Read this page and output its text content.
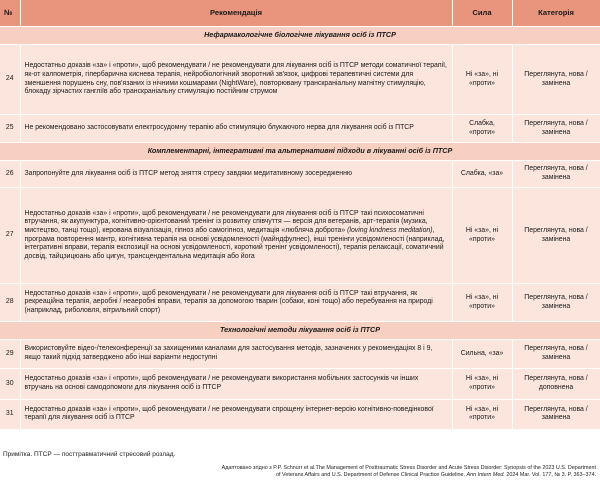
№	Рекомендація	Сила	Категорія
Нефармакологічне біологічне лікування осіб із ПТСР			
24	Недостатньо доказів «за» і «проти», щоб рекомендувати / не рекомендувати для лікування осіб із ПТСР методи соматичної терапії, як-от калпометрія, гіпербарична киснева терапія, нейробіологічний зворотний зв'язок, цифрові терапевтичні системи для зменшення порушень сну, пов'язаних із нічними кошмарами (NightWare), повторювану транскраніальну магнітну стимуляцію, блокаду зірчастих гангліїв або транскраніальну стимуляцію постійним струмом	Ні «за», ні «проти»	Переглянута, нова / замінена
25	Не рекомендовано застосовувати електросудомну терапію або стимуляцію блукаючого нерва для лікування осіб із ПТСР	Слабка, «проти»	Переглянута, нова / замінена
Комплементарні, інтегративні та альтернативні підходи в лікуванні осіб із ПТСР			
26	Запропонуйте для лікування осіб із ПТСР метод зняття стресу завдяки медитативному зосередженню	Слабка, «за»	Переглянута, нова / замінена
27	Недостатньо доказів «за» і «проти», щоб рекомендувати / не рекомендувати для лікування осіб із ПТСР такі психосоматичні втручання, як акупунктура, когнітивно-орієнтований тренінг із розвитку співчуття — версія для ветеранів, арт-терапія (музика, мистецтво, танці тощо), керована візуалізація, гіпноз або самогіпноз, медитація «любляча доброта» (loving kindness meditation), програма повторення мантр, когнітивна терапія на основі усвідомленості (майндфулнес), інші тренінги усвідомленості (наприклад, інтегративні вправи, терапія експозиції на основі усвідомленості, короткий тренінг усвідомленості), терапія релаксації, соматичний досвід, тайцзицюань або цигун, трансцендентальна медитація або йога	Ні «за», ні «проти»	Переглянута, нова / замінена
28	Недостатньо доказів «за» і «проти», щоб рекомендувати / не рекомендувати для лікування осіб із ПТСР такі втручання, як рекреаційна терапія, аеробні / неаеробні вправи, терапія за допомогою тварин (собаки, коні тощо) або перебування на природі (наприклад, риболовля, вітрильний спорт)	Ні «за», ні «проти»	Переглянута, нова / замінена
Технологічні методи лікування осіб із ПТСР			
29	Використовуйте відео-/телеконференції за захищеними каналами для застосування методів, зазначених у рекомендаціях 8 і 9, якщо такий підхід затверджено або інші варіанти недоступні	Сильна, «за»	Переглянута, нова / замінена
30	Недостатньо доказів «за» і «проти», щоб рекомендувати / не рекомендувати використання мобільних застосунків чи інших втручань на основі самодопомоги для лікування осіб із ПТСР	Ні «за», ні «проти»	Переглянута, нова / доповнена
31	Недостатньо доказів «за» і «проти», щоб рекомендувати / не рекомендувати спрощену інтернет-версію когнітивно-поведінкової терапії для лікування осіб із ПТСР	Ні «за», ні «проти»	Переглянута, нова / замінена
Примітка. ПТСР — посттравматичний стресовий розлад.
Адаптовано згідно з P.P. Schnurr et al.The Management of Posttraumatic Stress Disorder and Acute Stress Disorder: Synopsis of the 2023 U.S. Department
of Veterans Affairs and U.S. Department of Defense Clinical Practice Guideline. Ann Intern Med. 2024 Mar. Vol. 177, № 3. P. 363–374.
